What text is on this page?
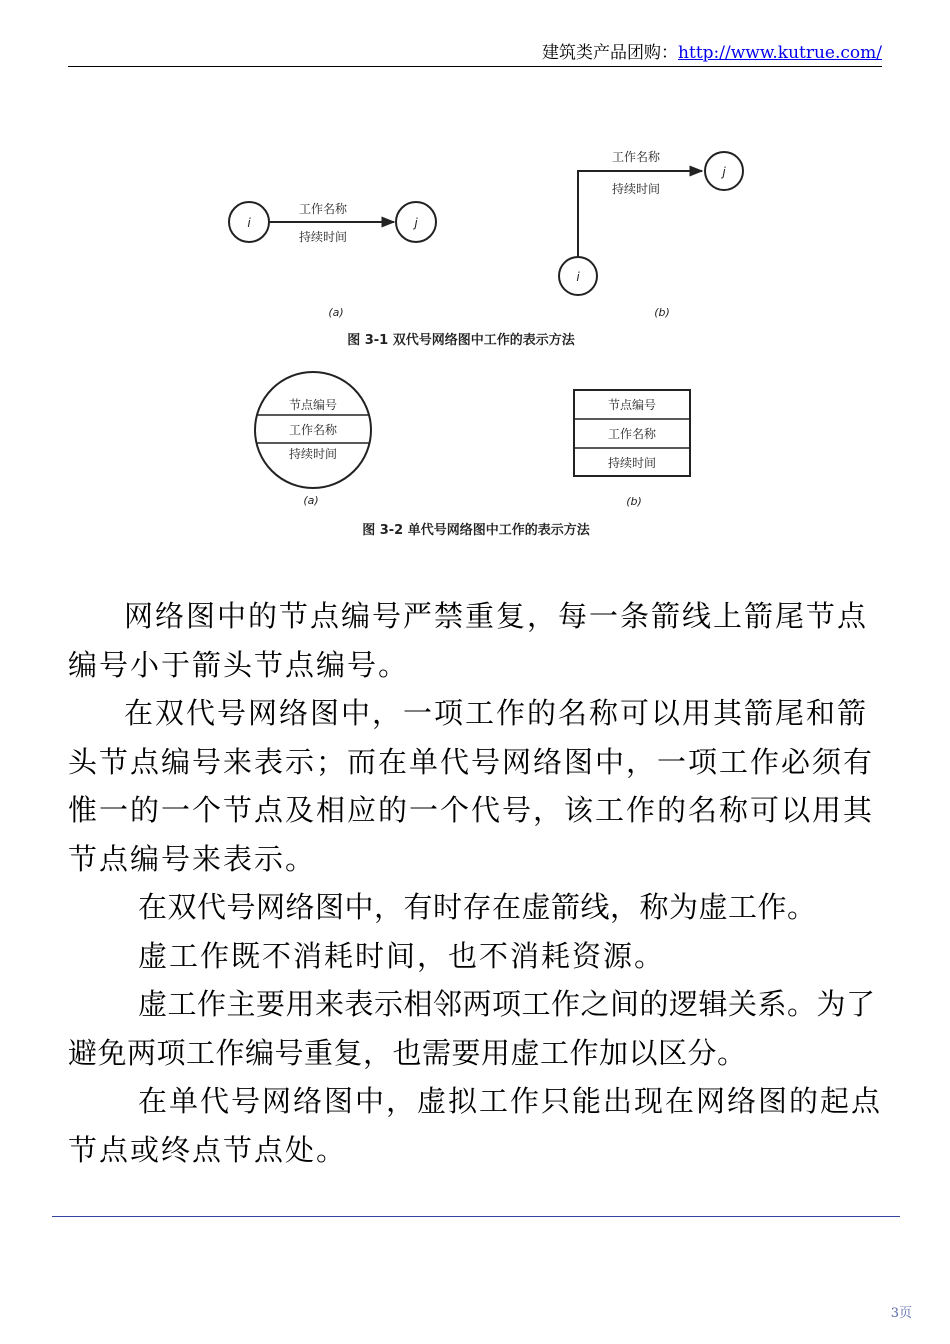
建筑类产品团购：http://www.kutrue.com/
i	j
工作名称
持续时间
(a)
i
j
工作名称
持续时间
(b)
图 3-1 双代号网络图中工作的表示方法
节点编号
工作名称
持续时间
(a)
节点编号
工作名称
持续时间
(b)
图 3-2 单代号网络图中工作的表示方法

网络图中的节点编号严禁重复，每一条箭线上箭尾节点编号小于箭头节点编号。

在双代号网络图中，一项工作的名称可以用其箭尾和箭头节点编号来表示；而在单代号网络图中，一项工作必须有惟一的一个节点及相应的一个代号，该工作的名称可以用其节点编号来表示。

在双代号网络图中，有时存在虚箭线，称为虚工作。

虚工作既不消耗时间，也不消耗资源。

虚工作主要用来表示相邻两项工作之间的逻辑关系。为了避免两项工作编号重复，也需要用虚工作加以区分。

在单代号网络图中，虚拟工作只能出现在网络图的起点节点或终点节点处。

3页
